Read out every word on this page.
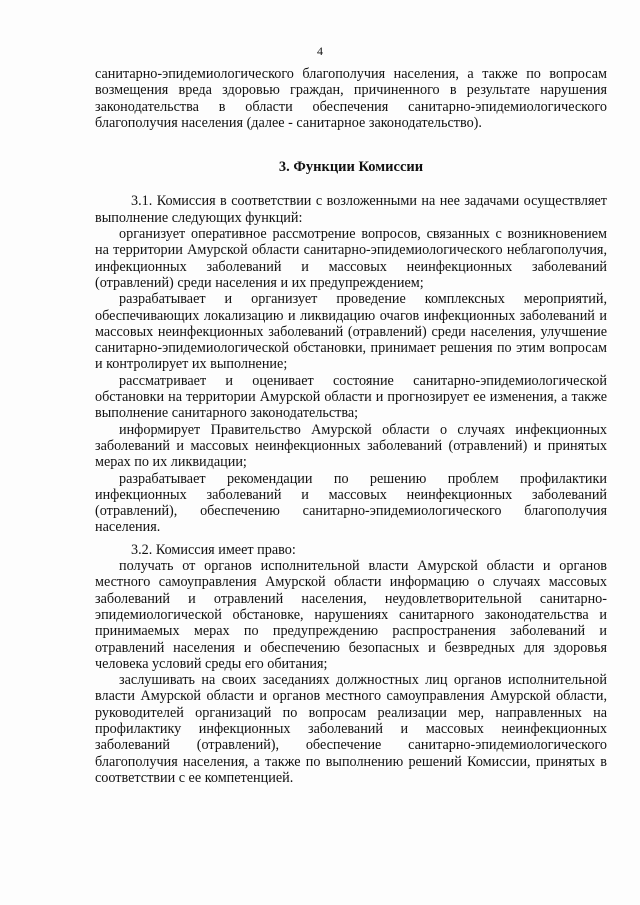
4

санитарно-эпидемиологического благополучия населения, а также по вопросам возмещения вреда здоровью граждан, причиненного в результате нарушения законодательства в области обеспечения санитарно-эпидемиологического благополучия населения (далее - санитарное законодательство).

3. Функции Комиссии

3.1. Комиссия в соответствии с возложенными на нее задачами осуществляет выполнение следующих функций:

организует оперативное рассмотрение вопросов, связанных с возникновением на территории Амурской области санитарно-эпидемиологического неблагополучия, инфекционных заболеваний и массовых неинфекционных заболеваний (отравлений) среди населения и их предупреждением;

разрабатывает и организует проведение комплексных мероприятий, обеспечивающих локализацию и ликвидацию очагов инфекционных заболеваний и массовых неинфекционных заболеваний (отравлений) среди населения, улучшение санитарно-эпидемиологической обстановки, принимает решения по этим вопросам и контролирует их выполнение;

рассматривает и оценивает состояние санитарно-эпидемиологической обстановки на территории Амурской области и прогнозирует ее изменения, а также выполнение санитарного законодательства;

информирует Правительство Амурской области о случаях инфекционных заболеваний и массовых неинфекционных заболеваний (отравлений) и принятых мерах по их ликвидации;

разрабатывает рекомендации по решению проблем профилактики инфекционных заболеваний и массовых неинфекционных заболеваний (отравлений), обеспечению санитарно-эпидемиологического благополучия населения.

3.2. Комиссия имеет право:

получать от органов исполнительной власти Амурской области и органов местного самоуправления Амурской области информацию о случаях массовых заболеваний и отравлений населения, неудовлетворительной санитарно-эпидемиологической обстановке, нарушениях санитарного законодательства и принимаемых мерах по предупреждению распространения заболеваний и отравлений населения и обеспечению безопасных и безвредных для здоровья человека условий среды его обитания;

заслушивать на своих заседаниях должностных лиц органов исполнительной власти Амурской области и органов местного самоуправления Амурской области, руководителей организаций по вопросам реализации мер, направленных на профилактику инфекционных заболеваний и массовых неинфекционных заболеваний (отравлений), обеспечение санитарно-эпидемиологического благополучия населения, а также по выполнению решений Комиссии, принятых в соответствии с ее компетенцией.
